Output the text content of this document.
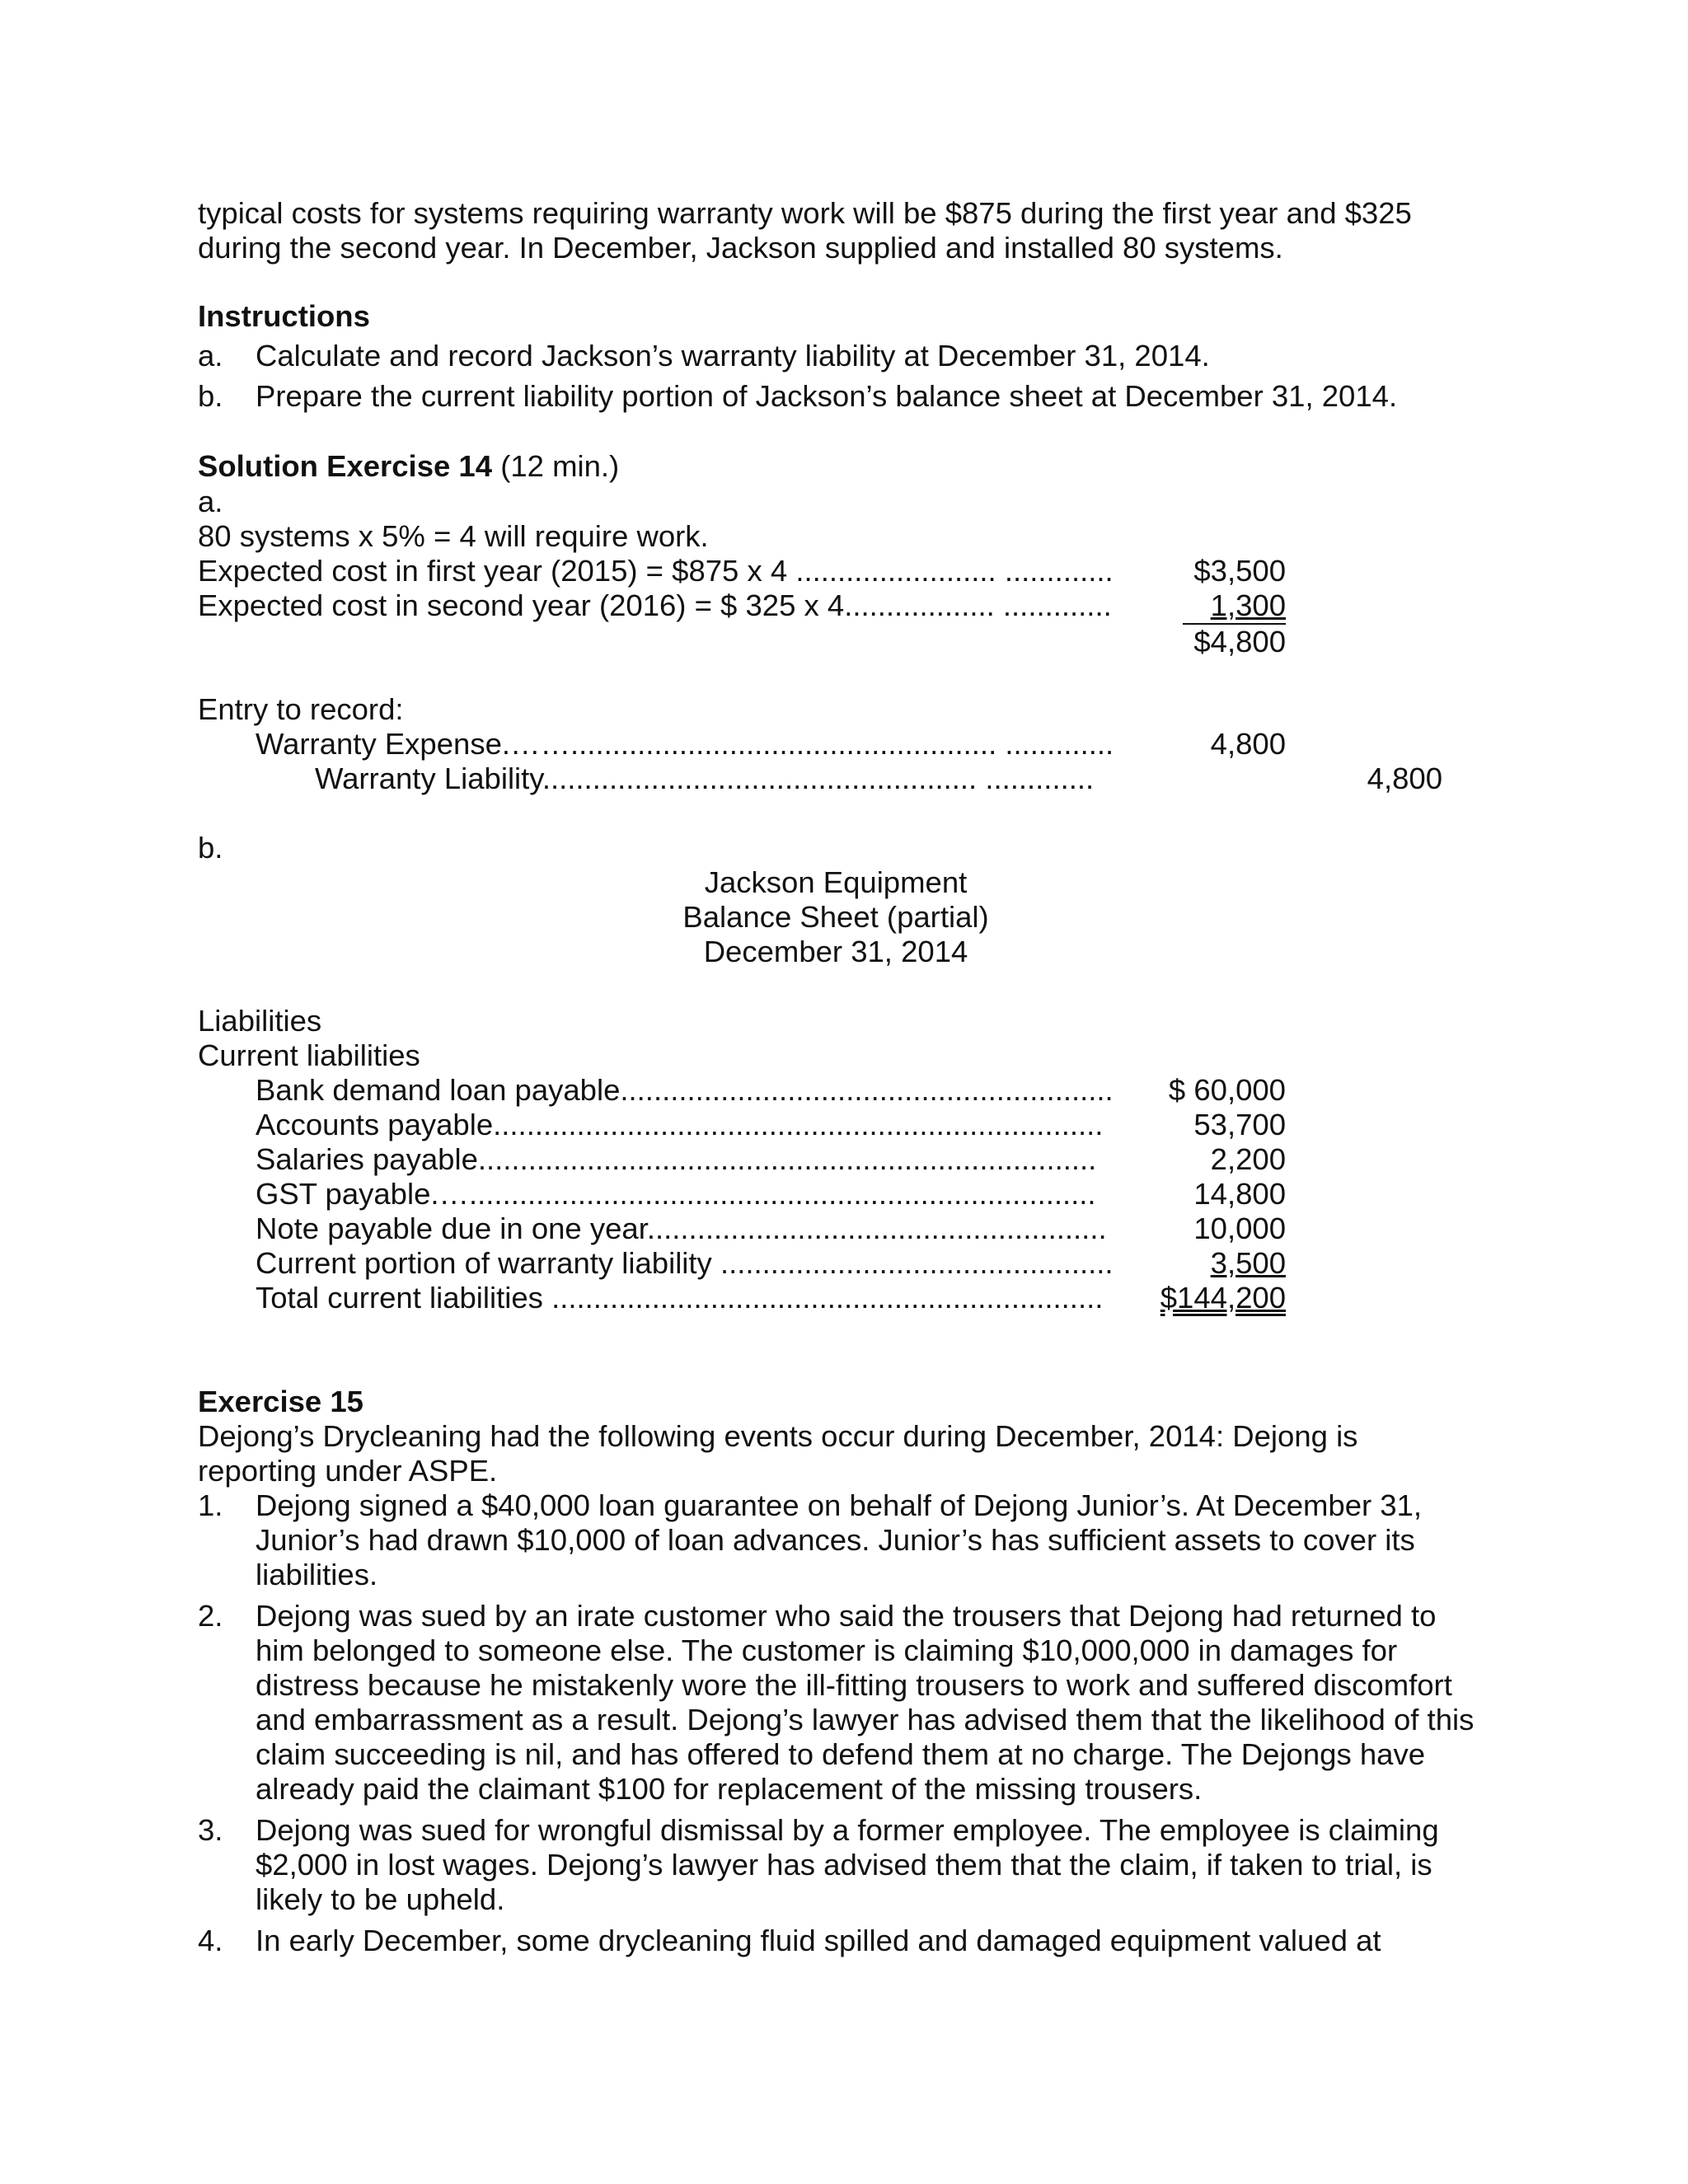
typical costs for systems requiring warranty work will be $875 during the first year and $325
during the second year. In December, Jackson supplied and installed 80 systems.
Instructions
a. Calculate and record Jackson’s warranty liability at December 31, 2014.
b. Prepare the current liability portion of Jackson’s balance sheet at December 31, 2014.
Solution Exercise 14 (12 min.)
a.
80 systems x 5% = 4 will require work.
Expected cost in first year (2015) = $875 x 4 ........................ .............	$3,500
Expected cost in second year (2016) = $ 325 x 4.................. .............	1,300
$4,800
Entry to record:
Warranty Expense.……................................................... .............	4,800
Warranty Liability.................................................... .............	4,800
b.
Jackson Equipment
Balance Sheet (partial)
December 31, 2014
Liabilities
Current liabilities
Bank demand loan payable...........................................................	$ 60,000
Accounts payable.........................................................................	53,700
Salaries payable..........................................................................	2,200
GST payable.…...........................................................................	14,800
Note payable due in one year.......................................................	10,000
Current portion of warranty liability ...............................................	3,500
Total current liabilities .................................................................. $144,200
Exercise 15
Dejong’s Drycleaning had the following events occur during December, 2014: Dejong is
reporting under ASPE.
1. Dejong signed a $40,000 loan guarantee on behalf of Dejong Junior’s. At December 31,
Junior’s had drawn $10,000 of loan advances. Junior’s has sufficient assets to cover its
liabilities.
2. Dejong was sued by an irate customer who said the trousers that Dejong had returned to
him belonged to someone else. The customer is claiming $10,000,000 in damages for
distress because he mistakenly wore the ill-fitting trousers to work and suffered discomfort
and embarrassment as a result. Dejong’s lawyer has advised them that the likelihood of this
claim succeeding is nil, and has offered to defend them at no charge. The Dejongs have
already paid the claimant $100 for replacement of the missing trousers.
3. Dejong was sued for wrongful dismissal by a former employee. The employee is claiming
$2,000 in lost wages. Dejong’s lawyer has advised them that the claim, if taken to trial, is
likely to be upheld.
4. In early December, some drycleaning fluid spilled and damaged equipment valued at
